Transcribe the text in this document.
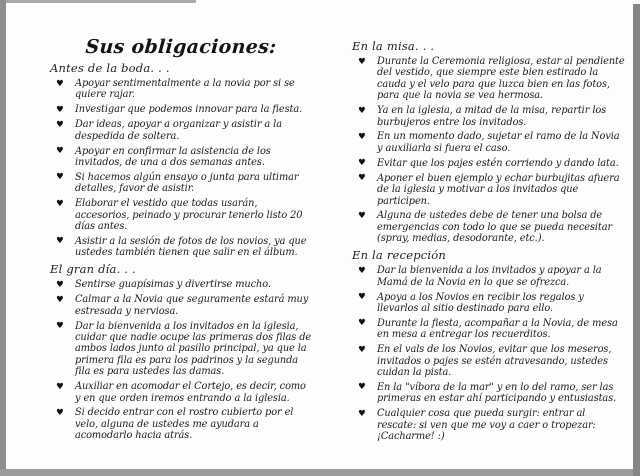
Sus obligaciones:
Antes de la boda. . .
♥ Apoyar sentimentalmente a la novia por si se quiere rajar.
♥ Investigar que podemos innovar para la fiesta.
♥ Dar ideas, apoyar a organizar y asistir a la despedida de soltera.
♥ Apoyar en confirmar la asistencia de los invitados, de una a dos semanas antes.
♥ Si hacemos algún ensayo o junta para ultimar detalles, favor de asistir.
♥ Elaborar el vestido que todas usarán, accesorios, peinado y procurar tenerlo listo 20 días antes.
♥ Asistir a la sesión de fotos de los novios, ya que ustedes también tienen que salir en el álbum.
El gran día. . .
♥ Sentirse guapísimas y divertirse mucho.
♥ Calmar a la Novia que seguramente estará muy estresada y nerviosa.
♥ Dar la bienvenida a los invitados en la iglesia, cuidar que nadie ocupe las primeras dos filas de ambos lados junto al pasillo principal, ya que la primera fila es para los padrinos y la segunda fila es para ustedes las damas.
♥ Auxiliar en acomodar el Cortejo, es decir, como y en que orden iremos entrando a la iglesia.
♥ Si decido entrar con el rostro cubierto por el velo, alguna de ustedes me ayudara a acomodarlo hacia atrás.
En la misa. . .
♥ Durante la Ceremonia religiosa, estar al pendiente del vestido, que siempre este bien estirado la cauda y el velo para que luzca bien en las fotos, para que la novia se vea hermosa.
♥ Ya en la iglesia, a mitad de la misa, repartir los burbujeros entre los invitados.
♥ En un momento dado, sujetar el ramo de la Novia y auxiliarla si fuera el caso.
♥ Evitar que los pajes estén corriendo y dando lata.
♥ Aponer el buen ejemplo y echar burbujitas afuera de la iglesia y motivar a los invitados que participen.
♥ Alguna de ustedes debe de tener una bolsa de emergencias con todo lo que se pueda necesitar (spray, medias, desodorante, etc.).
En la recepción
♥ Dar la bienvenida a los invitados y apoyar a la Mamá de la Novia en lo que se ofrezca.
♥ Apoya a los Novios en recibir los regalos y llevarlos al sitio destinado para ello.
♥ Durante la fiesta, acompañar a la Novia, de mesa en mesa a entregar los recuerditos.
♥ En el vals de los Novios, evitar que los meseros, invitados o pajes se estén atravesando, ustedes cuidan la pista.
♥ En la "víbora de la mar" y en lo del ramo, ser las primeras en estar ahí participando y entusiastas.
♥ Cualquier cosa que pueda surgir: entrar al rescate: si ven que me voy a caer o tropezar: ¡Cacharme! :)
